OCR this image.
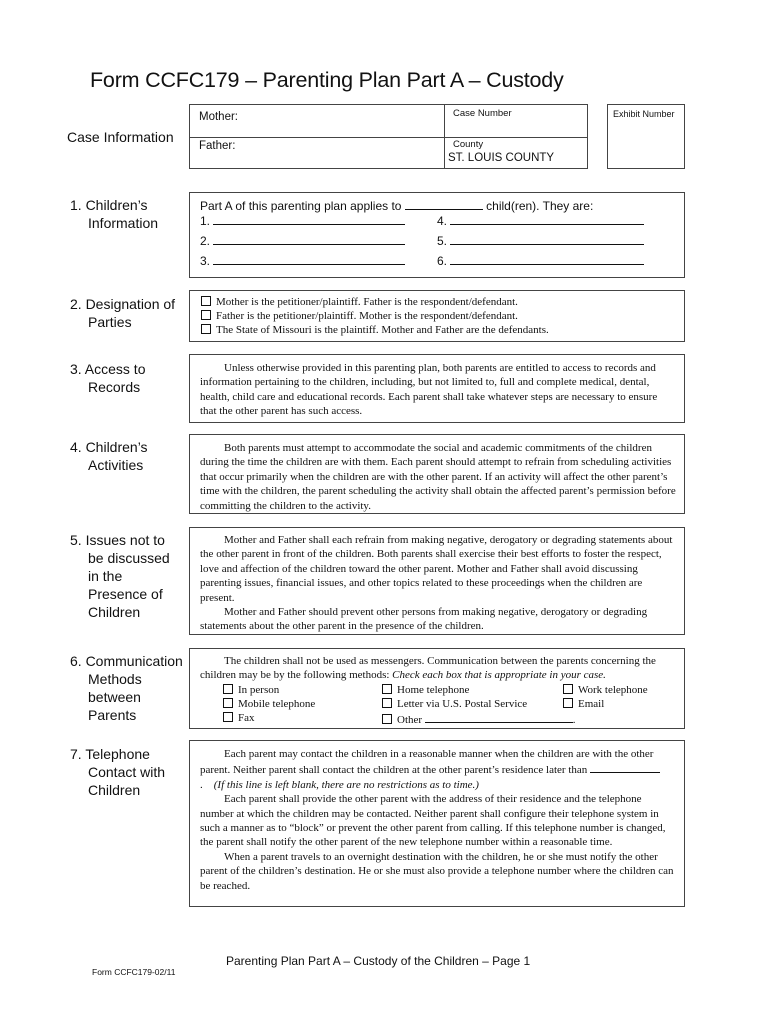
Form CCFC179 – Parenting Plan Part A – Custody
Case Information
Mother:
Father:
Case Number
County
ST. LOUIS COUNTY
Exhibit Number
1. Children’s
Information
Part A of this parenting plan applies to	child(ren). They are:
1.	4.
2.	5.
3.	6.
2. Designation of
Parties
Mother is the petitioner/plaintiff. Father is the respondent/defendant.
Father is the petitioner/plaintiff. Mother is the respondent/defendant.
The State of Missouri is the plaintiff. Mother and Father are the defendants.
3. Access to
Records

Unless otherwise provided in this parenting plan, both parents are entitled to access to records and information pertaining to the children, including, but not limited to, full and complete medical, dental, health, child care and educational records. Each parent shall take whatever steps are necessary to ensure that the other parent has such access.

4. Children’s
Activities

Both parents must attempt to accommodate the social and academic commitments of the children during the time the children are with them. Each parent should attempt to refrain from scheduling activities that occur primarily when the children are with the other parent. If an activity will affect the other parent’s time with the children, the parent scheduling the activity shall obtain the affected parent’s permission before committing the children to the activity.

5. Issues not to
be discussed
in the
Presence of
Children

Mother and Father shall each refrain from making negative, derogatory or degrading statements about the other parent in front of the children. Both parents shall exercise their best efforts to foster the respect, love and affection of the children toward the other parent. Mother and Father shall avoid discussing parenting issues, financial issues, and other topics related to these proceedings when the children are present.

Mother and Father should prevent other persons from making negative, derogatory or degrading statements about the other parent in the presence of the children.

6. Communication
Methods
between
Parents

The children shall not be used as messengers. Communication between the parents concerning the children may be by the following methods: Check each box that is appropriate in your case.

In person	Home telephone	Work telephone
Mobile telephone	Letter via U.S. Postal Service	Email
Fax	Other	.
7. Telephone
Contact with
Children

Each parent may contact the children in a reasonable manner when the children are with the other parent. Neither parent shall contact the children at the other parent’s residence later than . (If this line is left blank, there are no restrictions as to time.)

Each parent shall provide the other parent with the address of their residence and the telephone number at which the children may be contacted. Neither parent shall configure their telephone system in such a manner as to “block” or prevent the other parent from calling. If this telephone number is changed, the parent shall notify the other parent of the new telephone number within a reasonable time.

When a parent travels to an overnight destination with the children, he or she must notify the other parent of the children’s destination. He or she must also provide a telephone number where the children can be reached.

Parenting Plan Part A – Custody of the Children – Page 1
Form CCFC179-02/11
